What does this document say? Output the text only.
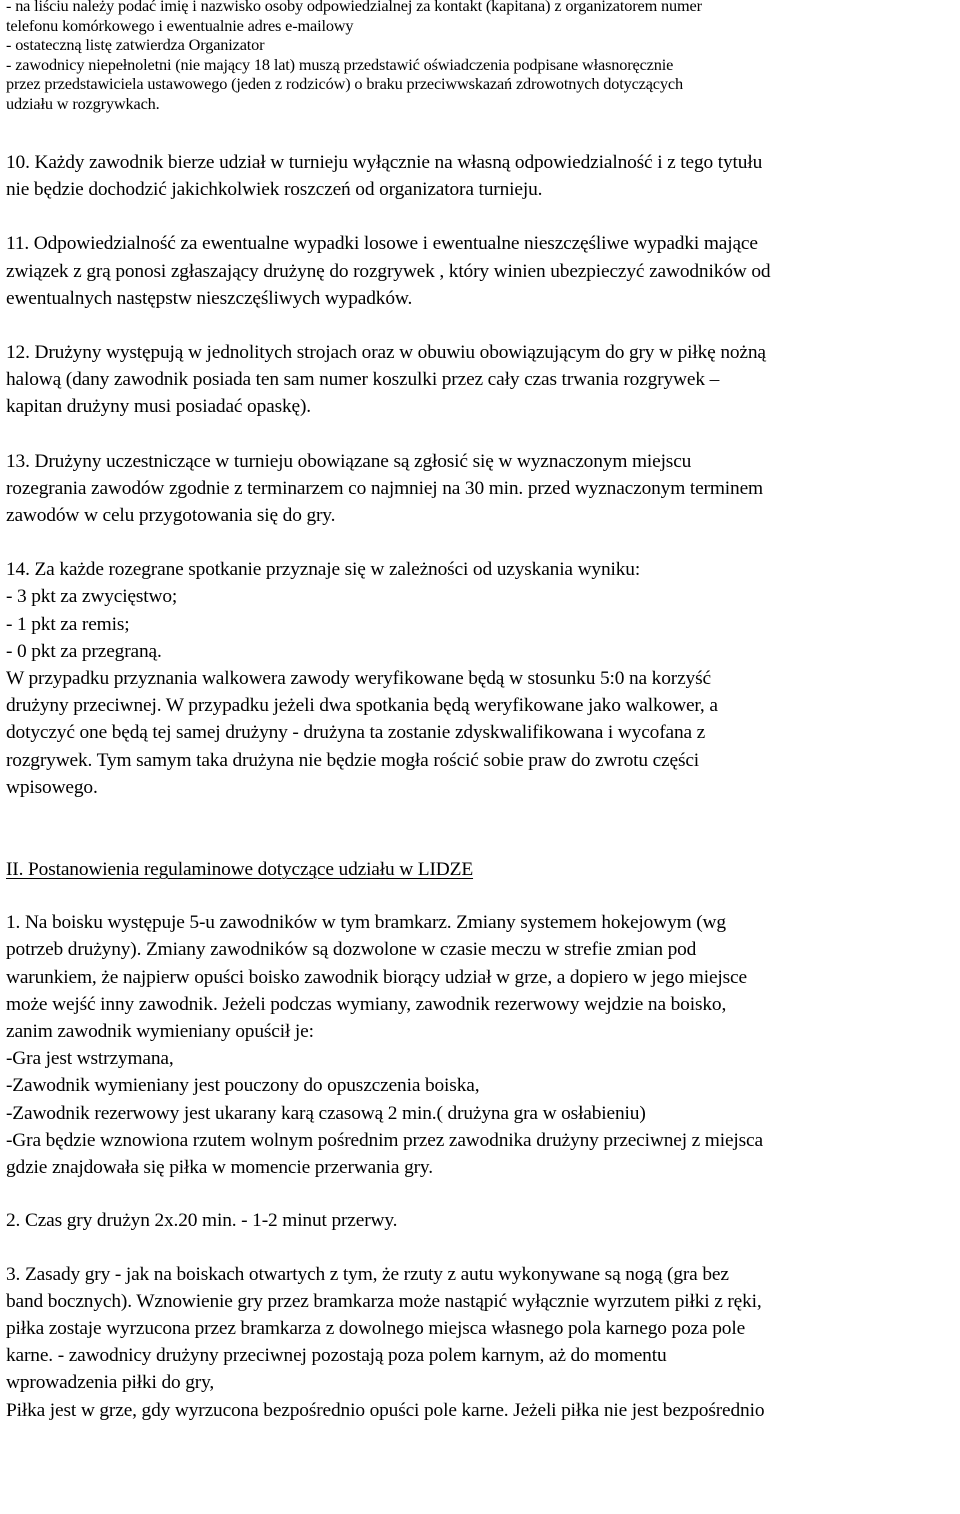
- na liściu należy podać imię i nazwisko osoby odpowiedzialnej za kontakt (kapitana) z organizatorem numer
telefonu komórkowego i ewentualnie adres e-mailowy
- ostateczną listę zatwierdza Organizator
- zawodnicy niepełnoletni (nie mający 18 lat) muszą przedstawić oświadczenia podpisane własnoręcznie
przez przedstawiciela ustawowego (jeden z rodziców) o braku przeciwwskazań zdrowotnych dotyczących
udziału w rozgrywkach.
10. Każdy zawodnik bierze udział w turnieju wyłącznie na własną odpowiedzialność i z tego tytułu
nie będzie dochodzić jakichkolwiek roszczeń od organizatora turnieju.
11. Odpowiedzialność za ewentualne wypadki losowe i ewentualne nieszczęśliwe wypadki mające
związek z grą ponosi zgłaszający drużynę do rozgrywek , który winien ubezpieczyć zawodników od
ewentualnych następstw nieszczęśliwych wypadków.
12. Drużyny występują w jednolitych strojach oraz w obuwiu obowiązującym do gry w piłkę nożną
halową (dany zawodnik posiada ten sam numer koszulki przez cały czas trwania rozgrywek –
kapitan drużyny musi posiadać opaskę).
13. Drużyny uczestniczące w turnieju obowiązane są zgłosić się w wyznaczonym miejscu
rozegrania zawodów zgodnie z terminarzem co najmniej na 30 min. przed wyznaczonym terminem
zawodów w celu przygotowania się do gry.
14. Za każde rozegrane spotkanie przyznaje się w zależności od uzyskania wyniku:
- 3 pkt za zwycięstwo;
- 1 pkt za remis;
- 0 pkt za przegraną.
W przypadku przyznania walkowera zawody weryfikowane będą w stosunku 5:0 na korzyść
drużyny przeciwnej. W przypadku jeżeli dwa spotkania będą weryfikowane jako walkower, a
dotyczyć one będą tej samej drużyny - drużyna ta zostanie zdyskwalifikowana i wycofana z
rozgrywek. Tym samym taka drużyna nie będzie mogła rościć sobie praw do zwrotu części
wpisowego.
II. Postanowienia regulaminowe dotyczące udziału w LIDZE
1. Na boisku występuje 5-u zawodników w tym bramkarz. Zmiany systemem hokejowym (wg
potrzeb drużyny). Zmiany zawodników są dozwolone w czasie meczu w strefie zmian pod
warunkiem, że najpierw opuści boisko zawodnik biorący udział w grze, a dopiero w jego miejsce
może wejść inny zawodnik. Jeżeli podczas wymiany, zawodnik rezerwowy wejdzie na boisko,
zanim zawodnik wymieniany opuścił je:
-Gra jest wstrzymana,
-Zawodnik wymieniany jest pouczony do opuszczenia boiska,
-Zawodnik rezerwowy jest ukarany karą czasową 2 min.( drużyna gra w osłabieniu)
-Gra będzie wznowiona rzutem wolnym pośrednim przez zawodnika drużyny przeciwnej z miejsca
gdzie znajdowała się piłka w momencie przerwania gry.
2. Czas gry drużyn 2x.20 min. - 1-2 minut przerwy.
3. Zasady gry - jak na boiskach otwartych z tym, że rzuty z autu wykonywane są nogą (gra bez
band bocznych). Wznowienie gry przez bramkarza może nastąpić wyłącznie wyrzutem piłki z ręki,
piłka zostaje wyrzucona przez bramkarza z dowolnego miejsca własnego pola karnego poza pole
karne. - zawodnicy drużyny przeciwnej pozostają poza polem karnym, aż do momentu
wprowadzenia piłki do gry,
Piłka jest w grze, gdy wyrzucona bezpośrednio opuści pole karne. Jeżeli piłka nie jest bezpośrednio
